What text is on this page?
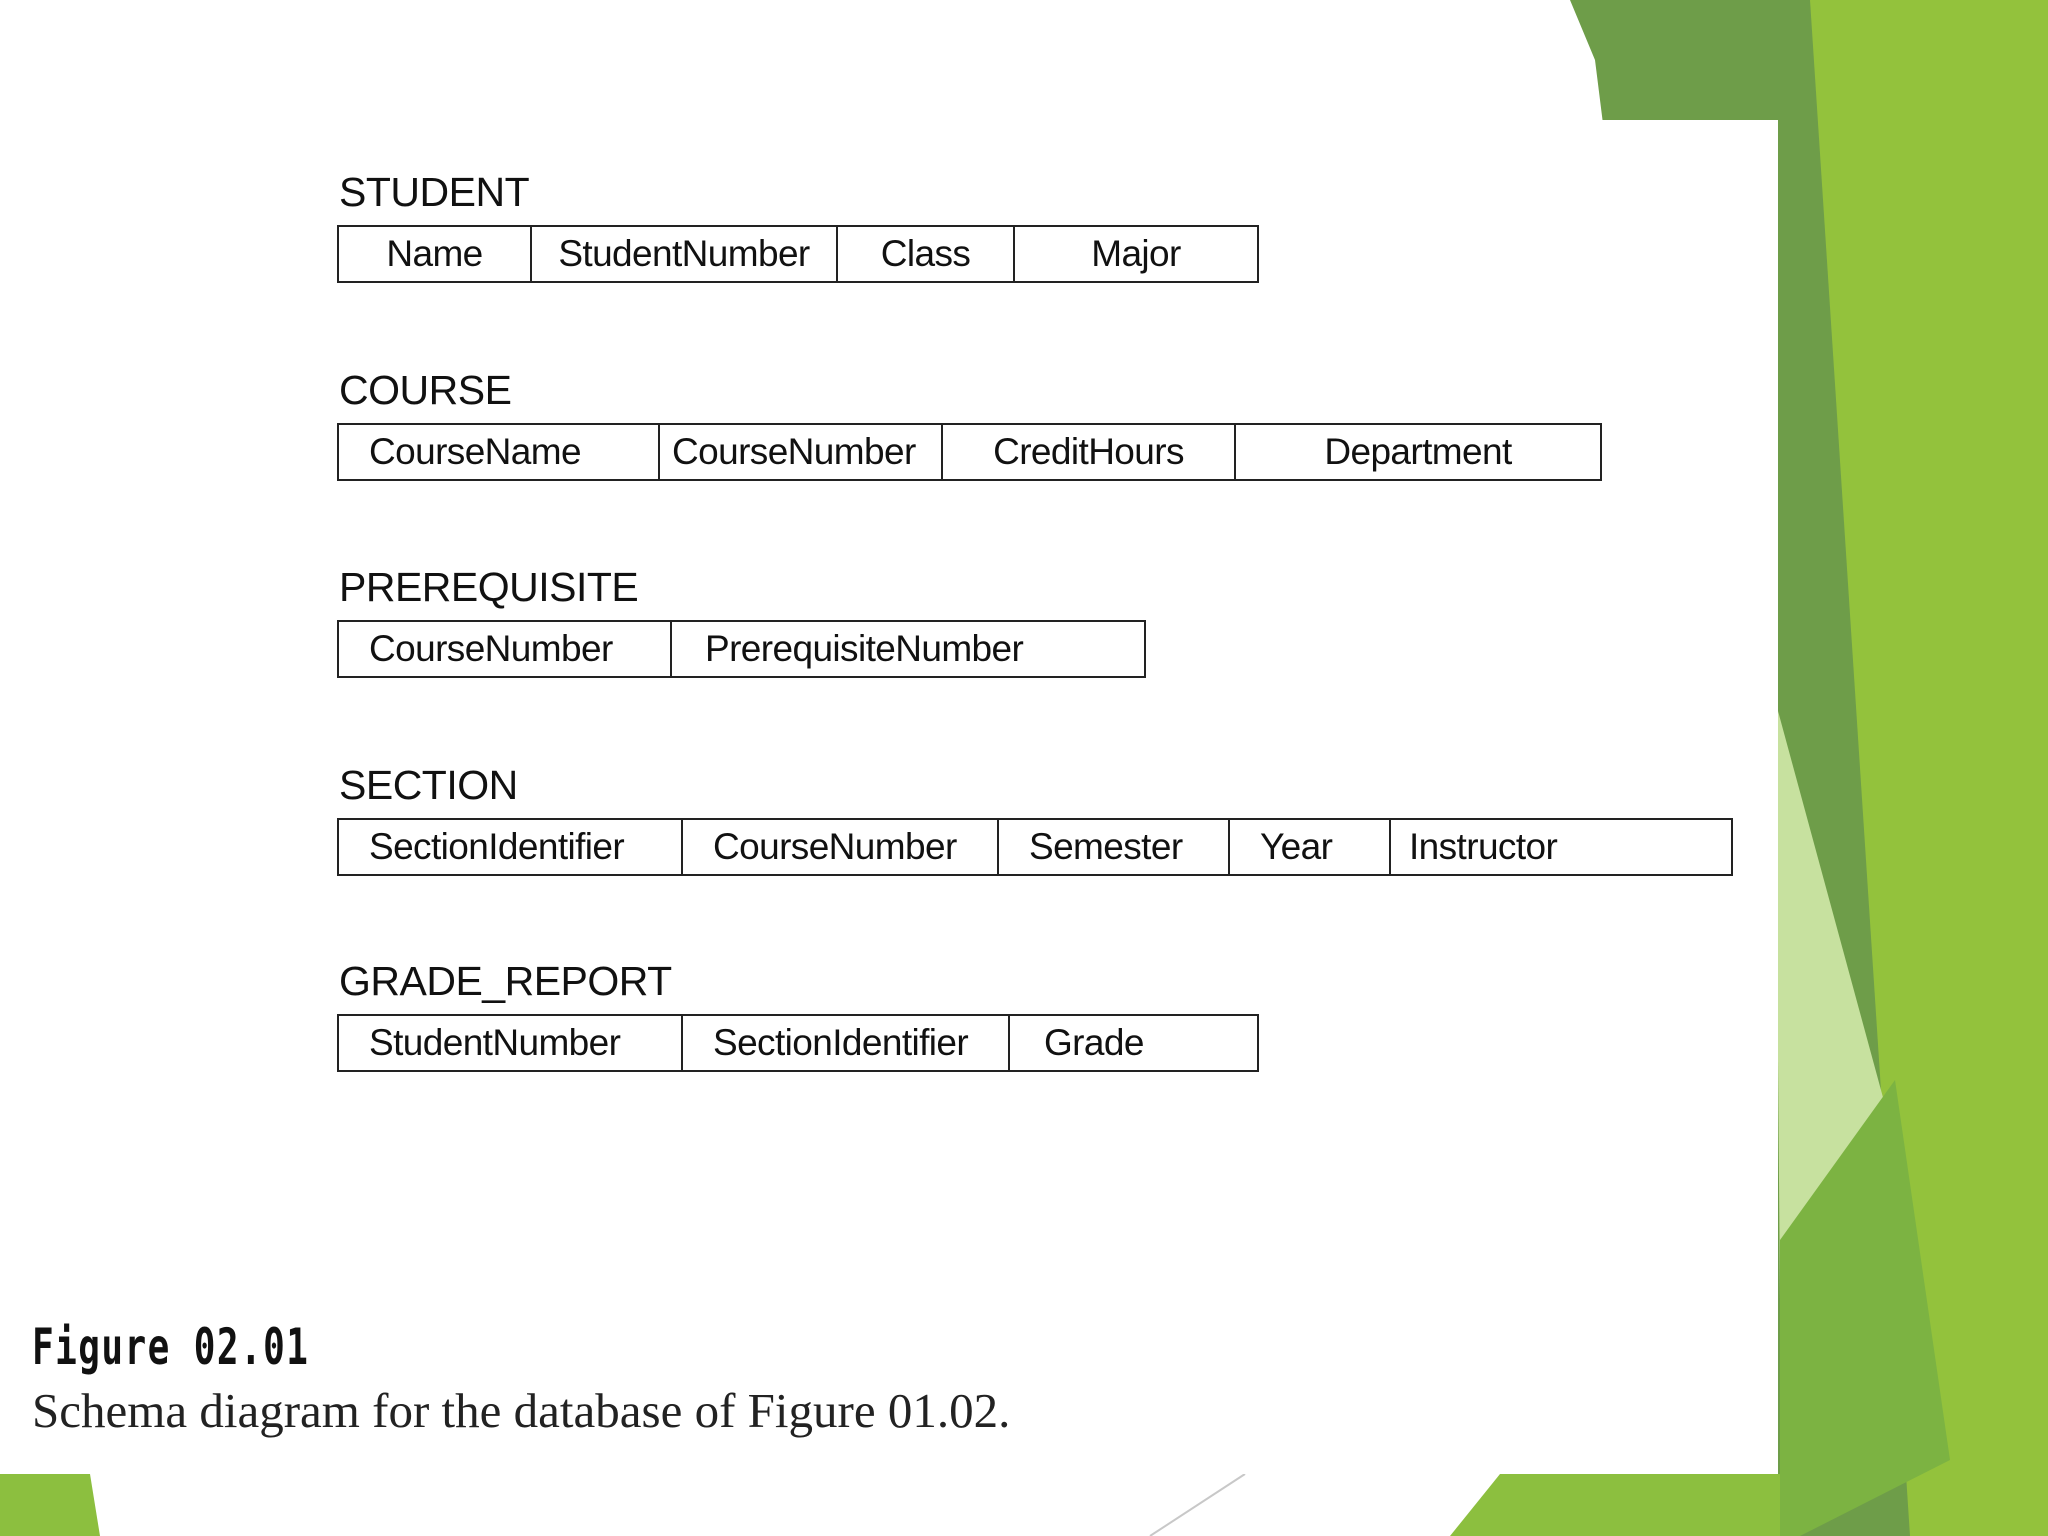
STUDENT
Name	StudentNumber	Class	Major
COURSE
CourseName	CourseNumber	CreditHours	Department
PREREQUISITE
CourseNumber	PrerequisiteNumber
SECTION
SectionIdentifier	CourseNumber	Semester	Year	Instructor
GRADE_REPORT
StudentNumber	SectionIdentifier	Grade
Figure 02.01
Schema diagram for the database of Figure 01.02.
